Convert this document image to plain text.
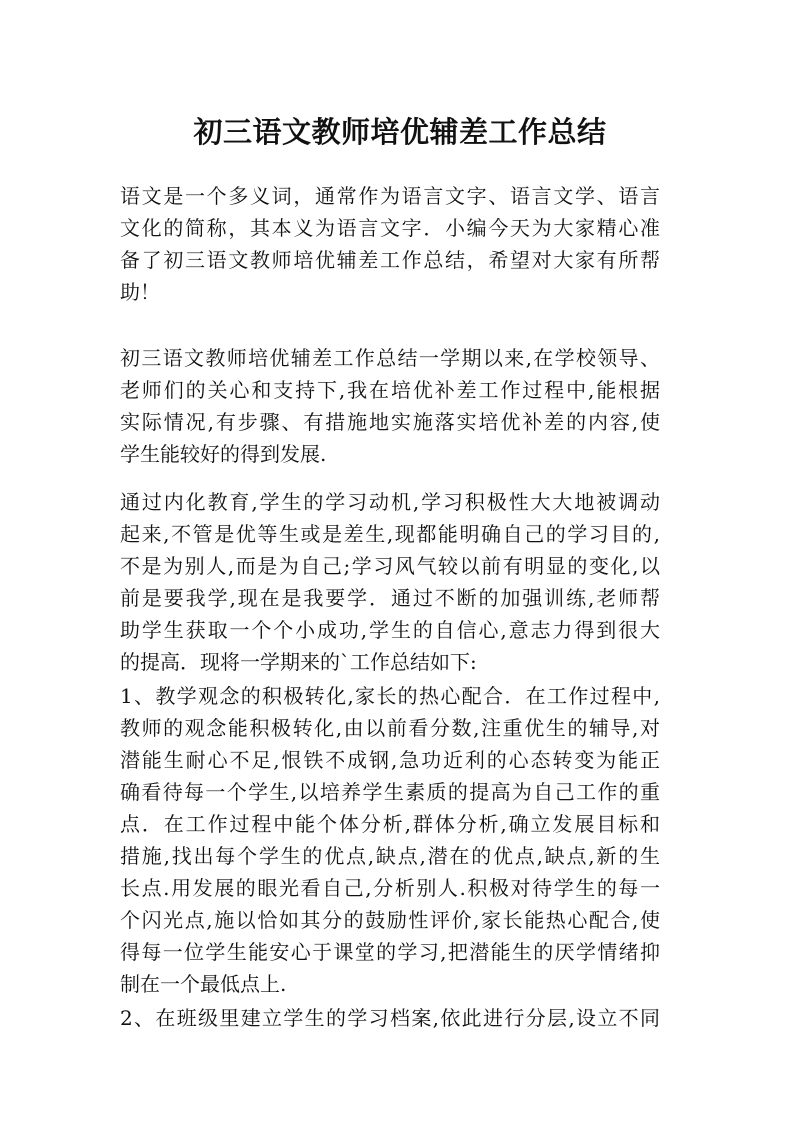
初三语文教师培优辅差工作总结
语文是一个多义词，通常作为语言文字、语言文学、语言
文化的简称，其本义为语言文字．小编今天为大家精心准
备了初三语文教师培优辅差工作总结，希望对大家有所帮
助！
初三语文教师培优辅差工作总结一学期以来,在学校领导、
老师们的关心和支持下,我在培优补差工作过程中,能根据
实际情况,有步骤、有措施地实施落实培优补差的内容,使
学生能较好的得到发展.
通过内化教育,学生的学习动机,学习积极性大大地被调动
起来,不管是优等生或是差生,现都能明确自己的学习目的,
不是为别人,而是为自己;学习风气较以前有明显的变化,以
前是要我学,现在是我要学．通过不断的加强训练,老师帮
助学生获取一个个小成功,学生的自信心,意志力得到很大
的提高．现将一学期来的`工作总结如下:
1、教学观念的积极转化,家长的热心配合．在工作过程中,
教师的观念能积极转化,由以前看分数,注重优生的辅导,对
潜能生耐心不足,恨铁不成钢,急功近利的心态转变为能正
确看待每一个学生,以培养学生素质的提高为自己工作的重
点．在工作过程中能个体分析,群体分析,确立发展目标和
措施,找出每个学生的优点,缺点,潜在的优点,缺点,新的生
长点.用发展的眼光看自己,分析别人.积极对待学生的每一
个闪光点,施以恰如其分的鼓励性评价,家长能热心配合,使
得每一位学生能安心于课堂的学习,把潜能生的厌学情绪抑
制在一个最低点上.
2、在班级里建立学生的学习档案,依此进行分层,设立不同
